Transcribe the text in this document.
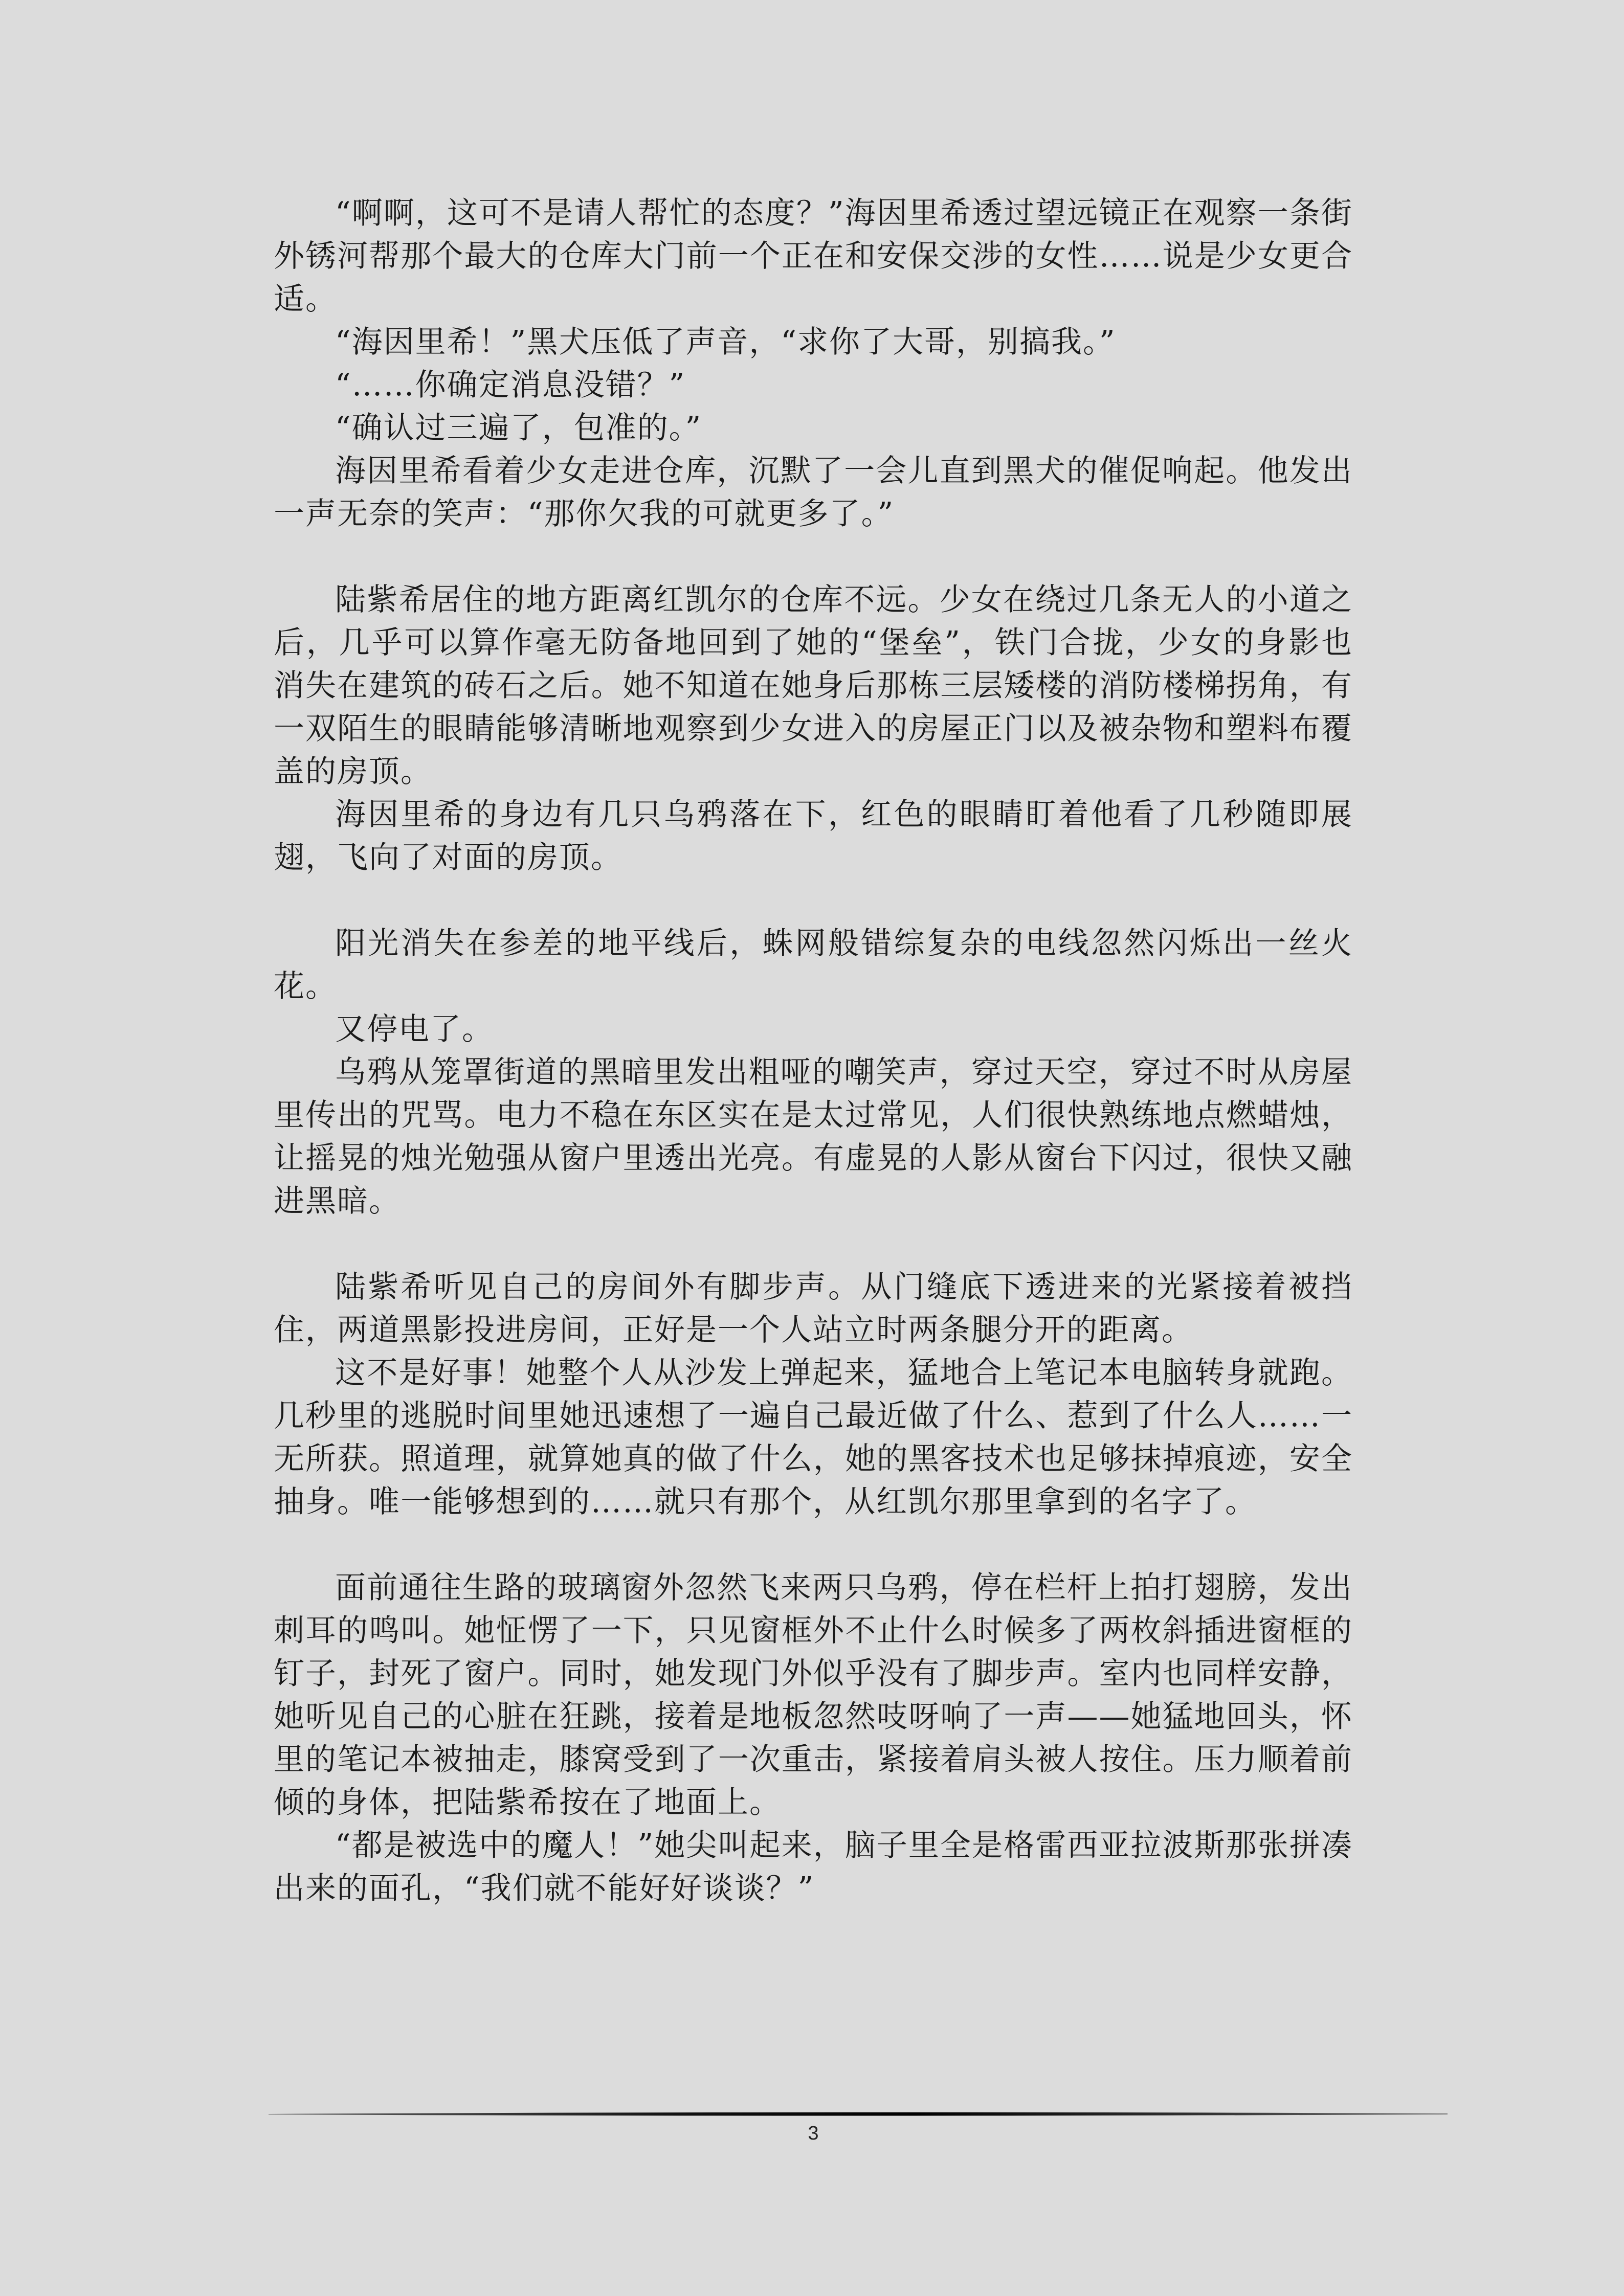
“啊啊，这可不是请人帮忙的态度？”海因里希透过望远镜正在观察一条街外锈河帮那个最大的仓库大门前一个正在和安保交涉的女性……说是少女更合适。

“海因里希！”黑犬压低了声音，“求你了大哥，别搞我。”

“……你确定消息没错？”

“确认过三遍了，包准的。”

海因里希看着少女走进仓库，沉默了一会儿直到黑犬的催促响起。他发出一声无奈的笑声：“那你欠我的可就更多了。”

陆紫希居住的地方距离红凯尔的仓库不远。少女在绕过几条无人的小道之后，几乎可以算作毫无防备地回到了她的“堡垒”，铁门合拢，少女的身影也消失在建筑的砖石之后。她不知道在她身后那栋三层矮楼的消防楼梯拐角，有一双陌生的眼睛能够清晰地观察到少女进入的房屋正门以及被杂物和塑料布覆盖的房顶。

海因里希的身边有几只乌鸦落在下，红色的眼睛盯着他看了几秒随即展翅，飞向了对面的房顶。

阳光消失在参差的地平线后，蛛网般错综复杂的电线忽然闪烁出一丝火花。

又停电了。

乌鸦从笼罩街道的黑暗里发出粗哑的嘲笑声，穿过天空，穿过不时从房屋里传出的咒骂。电力不稳在东区实在是太过常见，人们很快熟练地点燃蜡烛，让摇晃的烛光勉强从窗户里透出光亮。有虚晃的人影从窗台下闪过，很快又融进黑暗。

陆紫希听见自己的房间外有脚步声。从门缝底下透进来的光紧接着被挡住，两道黑影投进房间，正好是一个人站立时两条腿分开的距离。

这不是好事！她整个人从沙发上弹起来，猛地合上笔记本电脑转身就跑。几秒里的逃脱时间里她迅速想了一遍自己最近做了什么、惹到了什么人……一无所获。照道理，就算她真的做了什么，她的黑客技术也足够抹掉痕迹，安全抽身。唯一能够想到的……就只有那个，从红凯尔那里拿到的名字了。

面前通往生路的玻璃窗外忽然飞来两只乌鸦，停在栏杆上拍打翅膀，发出刺耳的鸣叫。她怔愣了一下，只见窗框外不止什么时候多了两枚斜插进窗框的钉子，封死了窗户。同时，她发现门外似乎没有了脚步声。室内也同样安静，她听见自己的心脏在狂跳，接着是地板忽然吱呀响了一声——她猛地回头，怀里的笔记本被抽走，膝窝受到了一次重击，紧接着肩头被人按住。压力顺着前倾的身体，把陆紫希按在了地面上。

“都是被选中的魔人！”她尖叫起来，脑子里全是格雷西亚拉波斯那张拼凑出来的面孔，“我们就不能好好谈谈？”

3
